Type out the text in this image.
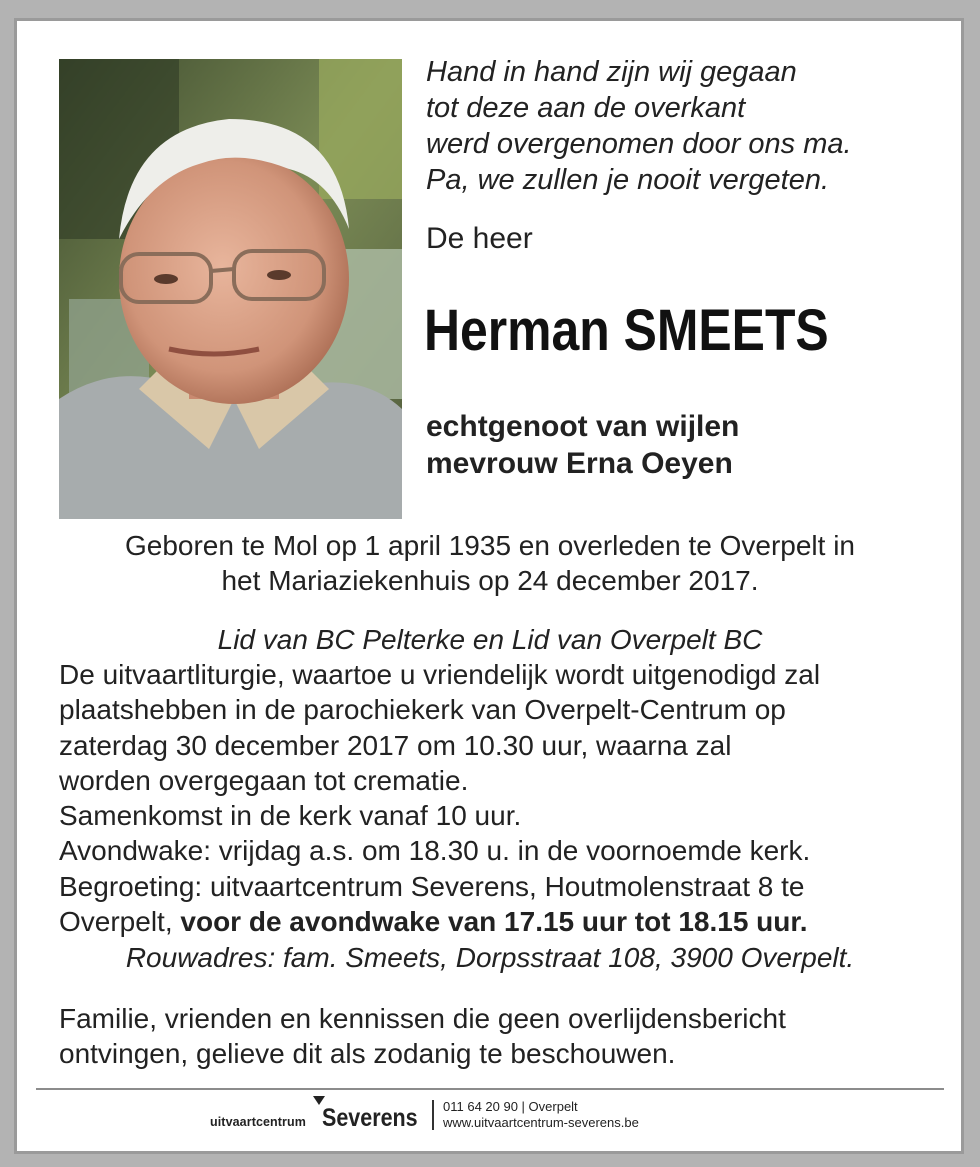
Hand in hand zijn wij gegaan
tot deze aan de overkant
werd overgenomen door ons ma.
Pa, we zullen je nooit vergeten.
De heer
Herman SMEETS
echtgenoot van wijlen
mevrouw Erna Oeyen
Geboren te Mol op 1 april 1935 en overleden te Overpelt in
het Mariaziekenhuis op 24 december 2017.
Lid van BC Pelterke en Lid van Overpelt BC
De uitvaartliturgie, waartoe u vriendelijk wordt uitgenodigd zal
plaatshebben in de parochiekerk van Overpelt-Centrum op
zaterdag 30 december 2017 om 10.30 uur, waarna zal
worden overgegaan tot crematie.
Samenkomst in de kerk vanaf 10 uur.
Avondwake: vrijdag a.s. om 18.30 u. in de voornoemde kerk.
Begroeting: uitvaartcentrum Severens, Houtmolenstraat 8 te
Overpelt, voor de avondwake van 17.15 uur tot 18.15 uur.
Rouwadres: fam. Smeets, Dorpsstraat 108, 3900 Overpelt.
Familie, vrienden en kennissen die geen overlijdensbericht
ontvingen, gelieve dit als zodanig te beschouwen.
uitvaartcentrum Severens 011 64 20 90 | Overpelt
www.uitvaartcentrum-severens.be
